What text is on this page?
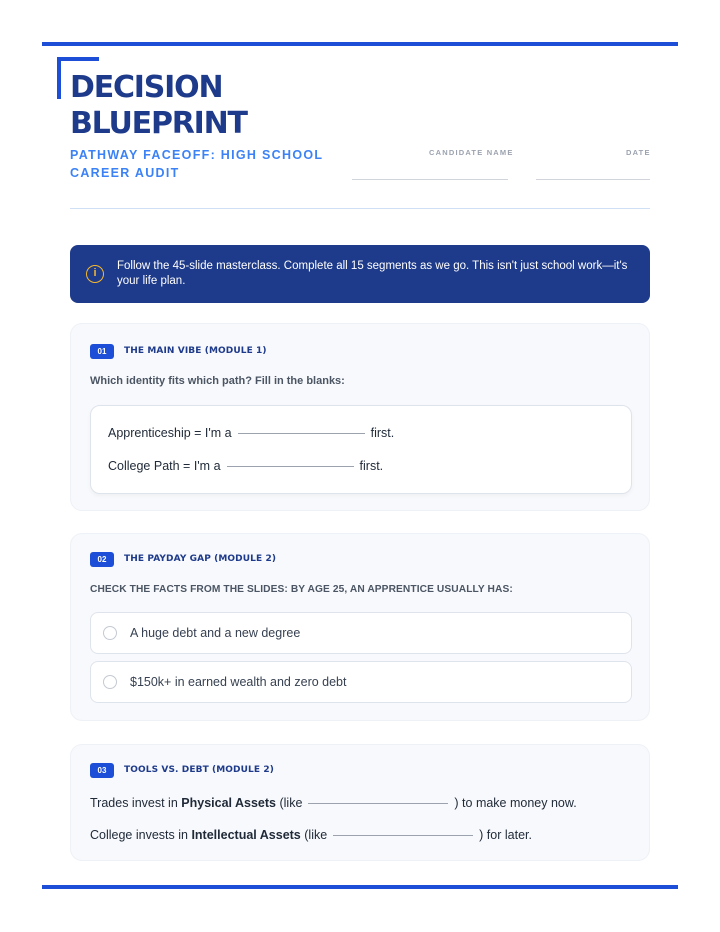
DECISION
BLUEPRINT
PATHWAY FACEOFF: HIGH SCHOOL CAREER AUDIT
CANDIDATE NAME	DATE
i
Follow the 45-slide masterclass. Complete all 15 segments as we go. This isn't just school work—it's your life plan.
01	THE MAIN VIBE (MODULE 1)
Which identity fits which path? Fill in the blanks:
Apprenticeship = I'm a	first.
College Path = I'm a	first.
02	THE PAYDAY GAP (MODULE 2)
CHECK THE FACTS FROM THE SLIDES: BY AGE 25, AN APPRENTICE USUALLY HAS:
A huge debt and a new degree
$150k+ in earned wealth and zero debt
03	TOOLS VS. DEBT (MODULE 2)
Trades invest in Physical Assets (like	) to make money now.
College invests in Intellectual Assets (like	) for later.
